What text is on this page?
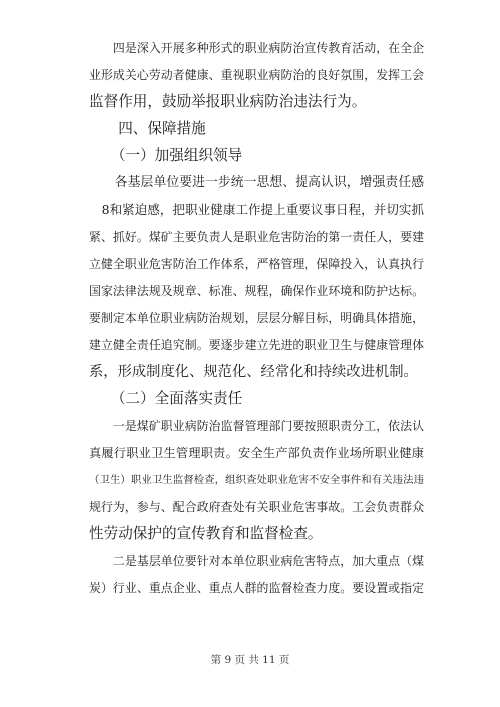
　　四是深入开展多种形式的职业病防治宣传教育活动，在全企
业形成关心劳动者健康、重视职业病防治的良好氛围，发挥工会
监督作用，鼓励举报职业病防治违法行为。
　　四、保障措施
　　（一）加强组织领导
　　各基层单位要进一步统一思想、提高认识，增强责任感
　8和紧迫感，把职业健康工作提上重要议事日程，并切实抓
紧、抓好。煤矿主要负责人是职业危害防治的第一责任人，要建
立健全职业危害防治工作体系，严格管理，保障投入，认真执行
国家法律法规及规章、标准、规程，确保作业环境和防护达标。
要制定本单位职业病防治规划，层层分解目标，明确具体措施，
建立健全责任追究制。要逐步建立先进的职业卫生与健康管理体
系，形成制度化、规范化、经常化和持续改进机制。
　　（二）全面落实责任
　　一是煤矿职业病防治监督管理部门要按照职责分工，依法认
真履行职业卫生管理职责。安全生产部负责作业场所职业健康
（卫生）职业卫生监督检查，组织查处职业危害不安全事件和有关违法违
规行为，参与、配合政府查处有关职业危害事故。工会负责群众
性劳动保护的宣传教育和监督检查。
　　二是基层单位要针对本单位职业病危害特点，加大重点（煤
炭）行业、重点企业、重点人群的监督检查力度。要设置或指定
第 9 页 共 11 页
